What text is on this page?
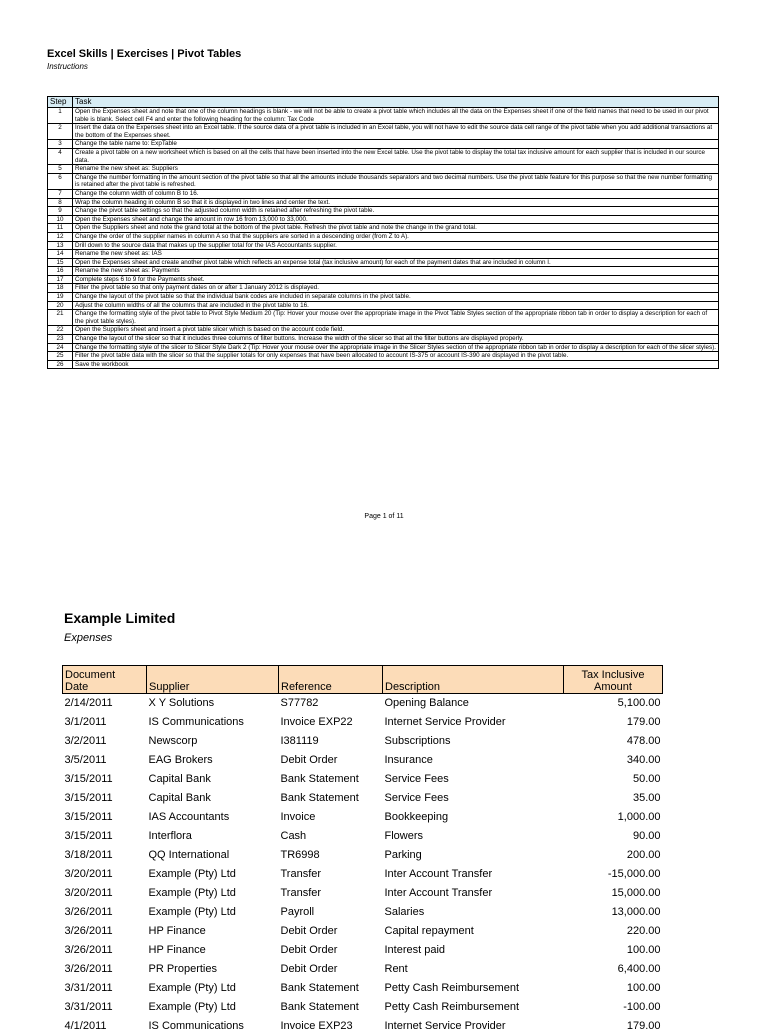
Excel Skills | Exercises | Pivot Tables
Instructions
Step	Task
1	Open the Expenses sheet and note that one of the column headings is blank - we will not be able to create a pivot table which includes all the data on the Expenses sheet if one of the field names that need to be used in our pivot table is blank. Select cell F4 and enter the following heading for the column: Tax Code
2	Insert the data on the Expenses sheet into an Excel table. If the source data of a pivot table is included in an Excel table, you will not have to edit the source data cell range of the pivot table when you add additional transactions at the bottom of the Expenses sheet.
3	Change the table name to: ExpTable
4	Create a pivot table on a new worksheet which is based on all the cells that have been inserted into the new Excel table. Use the pivot table to display the total tax inclusive amount for each supplier that is included in our source data.
5	Rename the new sheet as: Suppliers
6	Change the number formatting in the amount section of the pivot table so that all the amounts include thousands separators and two decimal numbers. Use the pivot table feature for this purpose so that the new number formatting is retained after the pivot table is refreshed.
7	Change the column width of column B to 16.
8	Wrap the column heading in column B so that it is displayed in two lines and center the text.
9	Change the pivot table settings so that the adjusted column width is retained after refreshing the pivot table.
10	Open the Expenses sheet and change the amount in row 16 from 13,000 to 33,000.
11	Open the Suppliers sheet and note the grand total at the bottom of the pivot table. Refresh the pivot table and note the change in the grand total.
12	Change the order of the supplier names in column A so that the suppliers are sorted in a descending order (from Z to A).
13	Drill down to the source data that makes up the supplier total for the IAS Accountants supplier.
14	Rename the new sheet as: IAS
15	Open the Expenses sheet and create another pivot table which reflects an expense total (tax inclusive amount) for each of the payment dates that are included in column I.
16	Rename the new sheet as: Payments
17	Complete steps 6 to 9 for the Payments sheet.
18	Filter the pivot table so that only payment dates on or after 1 January 2012 is displayed.
19	Change the layout of the pivot table so that the individual bank codes are included in separate columns in the pivot table.
20	Adjust the column widths of all the columns that are included in the pivot table to 16.
21	Change the formatting style of the pivot table to Pivot Style Medium 20 (Tip: Hover your mouse over the appropriate image in the Pivot Table Styles section of the appropriate ribbon tab in order to display a description for each of the pivot table styles).
22	Open the Suppliers sheet and insert a pivot table slicer which is based on the account code field.
23	Change the layout of the slicer so that it includes three columns of filter buttons. Increase the width of the slicer so that all the filter buttons are displayed properly.
24	Change the formatting style of the slicer to Slicer Style Dark 2 (Tip: Hover your mouse over the appropriate image in the Slicer Styles section of the appropriate ribbon tab in order to display a description for each of the slicer styles).
25	Filter the pivot table data with the slicer so that the supplier totals for only expenses that have been allocated to account IS-375 or account IS-390 are displayed in the pivot table.
26	Save the workbook
Page 1 of 11
Example Limited
Expenses
Document
Date	Supplier	Reference	Description	Tax Inclusive
Amount
2/14/2011	X Y Solutions	S77782	Opening Balance	5,100.00
3/1/2011	IS Communications	Invoice EXP22	Internet Service Provider	179.00
3/2/2011	Newscorp	I381119	Subscriptions	478.00
3/5/2011	EAG Brokers	Debit Order	Insurance	340.00
3/15/2011	Capital Bank	Bank Statement	Service Fees	50.00
3/15/2011	Capital Bank	Bank Statement	Service Fees	35.00
3/15/2011	IAS Accountants	Invoice	Bookkeeping	1,000.00
3/15/2011	Interflora	Cash	Flowers	90.00
3/18/2011	QQ International	TR6998	Parking	200.00
3/20/2011	Example (Pty) Ltd	Transfer	Inter Account Transfer	-15,000.00
3/20/2011	Example (Pty) Ltd	Transfer	Inter Account Transfer	15,000.00
3/26/2011	Example (Pty) Ltd	Payroll	Salaries	13,000.00
3/26/2011	HP Finance	Debit Order	Capital repayment	220.00
3/26/2011	HP Finance	Debit Order	Interest paid	100.00
3/26/2011	PR Properties	Debit Order	Rent	6,400.00
3/31/2011	Example (Pty) Ltd	Bank Statement	Petty Cash Reimbursement	100.00
3/31/2011	Example (Pty) Ltd	Bank Statement	Petty Cash Reimbursement	-100.00
4/1/2011	IS Communications	Invoice EXP23	Internet Service Provider	179.00
